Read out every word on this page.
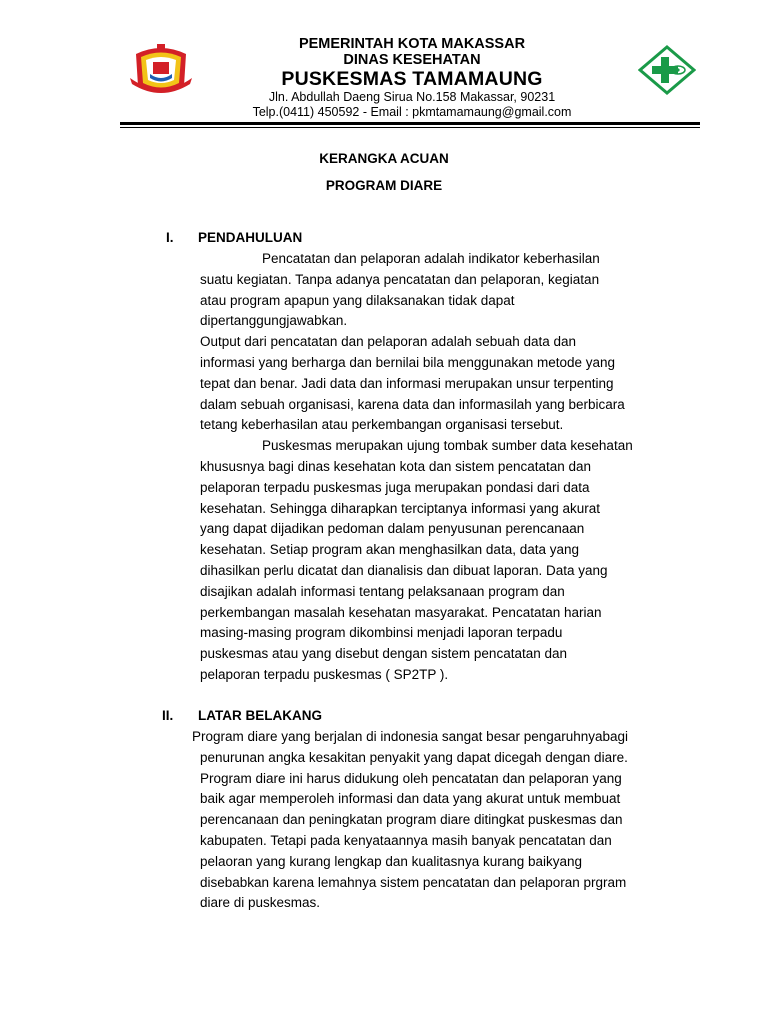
PEMERINTAH KOTA MAKASSAR
DINAS KESEHATAN
PUSKESMAS TAMAMAUNG
Jln. Abdullah Daeng Sirua No.158 Makassar, 90231
Telp.(0411) 450592 - Email : pkmtamamaung@gmail.com
KERANGKA ACUAN
PROGRAM DIARE
I. PENDAHULUAN
Pencatatan dan pelaporan adalah indikator keberhasilan
suatu kegiatan. Tanpa adanya pencatatan dan pelaporan, kegiatan
atau program apapun yang dilaksanakan tidak dapat
dipertanggungjawabkan.
Output dari pencatatan dan pelaporan adalah sebuah data dan
informasi yang berharga dan bernilai bila menggunakan metode yang
tepat dan benar. Jadi data dan informasi merupakan unsur terpenting
dalam sebuah organisasi, karena data dan informasilah yang berbicara
tetang keberhasilan atau perkembangan organisasi tersebut.
Puskesmas merupakan ujung tombak sumber data kesehatan
khususnya bagi dinas kesehatan kota dan sistem pencatatan dan
pelaporan terpadu puskesmas juga merupakan pondasi dari data
kesehatan. Sehingga diharapkan terciptanya informasi yang akurat
yang dapat dijadikan pedoman dalam penyusunan perencanaan
kesehatan. Setiap program akan menghasilkan data, data yang
dihasilkan perlu dicatat dan dianalisis dan dibuat laporan. Data yang
disajikan adalah informasi tentang pelaksanaan program dan
perkembangan masalah kesehatan masyarakat. Pencatatan harian
masing-masing program dikombinsi menjadi laporan terpadu
puskesmas atau yang disebut dengan sistem pencatatan dan
pelaporan terpadu puskesmas ( SP2TP ).
II. LATAR BELAKANG
Program diare yang berjalan di indonesia sangat besar pengaruhnyabagi
penurunan angka kesakitan penyakit yang dapat dicegah dengan diare.
Program diare ini harus didukung oleh pencatatan dan pelaporan yang
baik agar memperoleh informasi dan data yang akurat untuk membuat
perencanaan dan peningkatan program diare ditingkat puskesmas dan
kabupaten. Tetapi pada kenyataannya masih banyak pencatatan dan
pelaoran yang kurang lengkap dan kualitasnya kurang baikyang
disebabkan karena lemahnya sistem pencatatan dan pelaporan prgram
diare di puskesmas.
